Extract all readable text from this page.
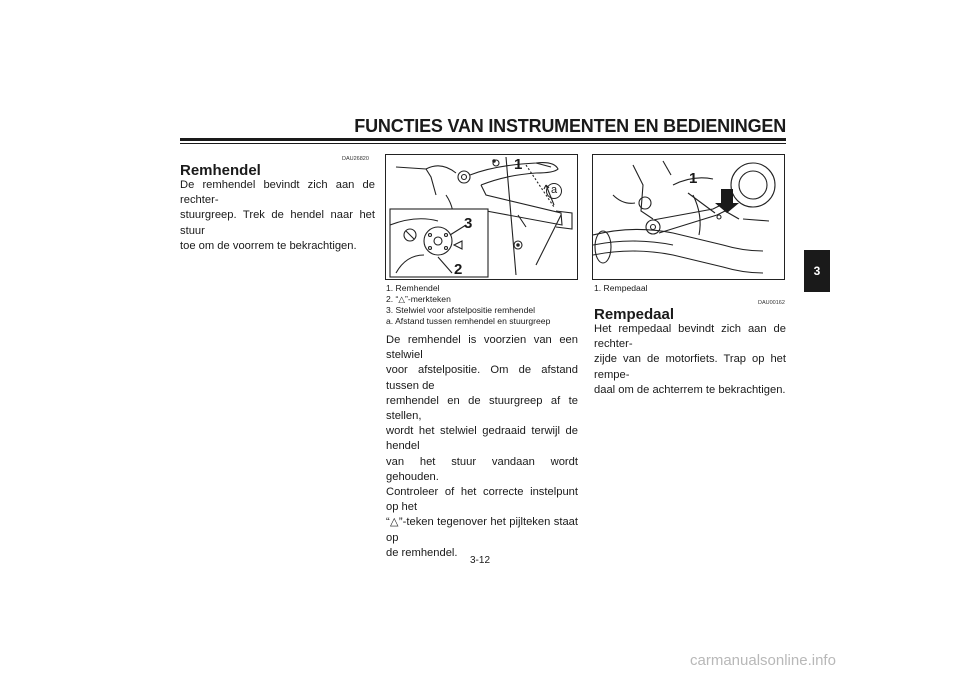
FUNCTIES VAN INSTRUMENTEN EN BEDIENINGEN
DAU26820
Remhendel
De remhendel bevindt zich aan de rechter-
stuurgreep. Trek de hendel naar het stuur
toe om de voorrem te bekrachtigen.
1
a
3
2
1. Remhendel
2. “△”-merkteken
3. Stelwiel voor afstelpositie remhendel
a. Afstand tussen remhendel en stuurgreep
De remhendel is voorzien van een stelwiel
voor afstelpositie. Om de afstand tussen de
remhendel en de stuurgreep af te stellen,
wordt het stelwiel gedraaid terwijl de hendel
van het stuur vandaan wordt gehouden.
Controleer of het correcte instelpunt op het
“△”-teken tegenover het pijlteken staat op
de remhendel.
1
1. Rempedaal
DAU00162
Rempedaal
Het rempedaal bevindt zich aan de rechter-
zijde van de motorfiets. Trap op het rempe-
daal om de achterrem te bekrachtigen.
3
3-12
carmanualsonline.info
